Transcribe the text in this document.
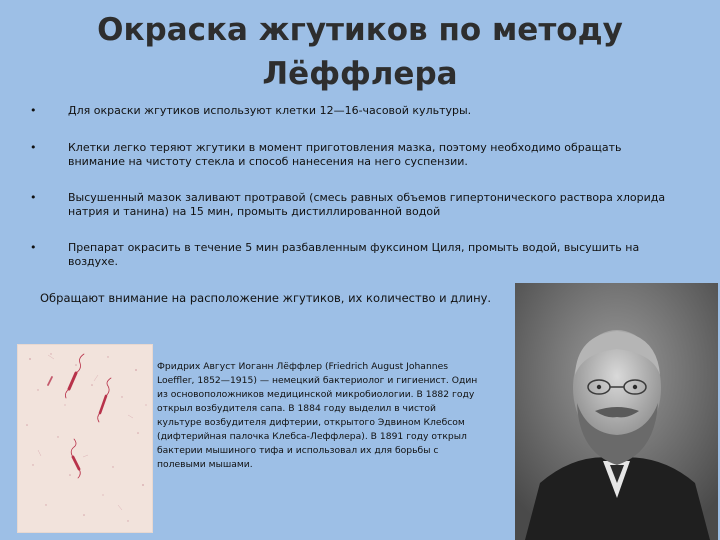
Окраска жгутиков по методу Лёффлера
•	Для окраски жгутиков используют клетки 12—16-часовой культуры.
•	Клетки легко теряют жгутики в момент приготовления мазка, поэтому необходимо обращать внимание на чистоту стекла и способ нанесения на него суспензии.
•	Высушенный мазок заливают протравой (смесь равных объемов гипертонического раствора хлорида натрия и танина) на 15 мин, промыть дистиллированной водой
•	Препарат окрасить в течение 5 мин разбавленным фуксином Циля, промыть водой, высушить на воздухе.

Обращают внимание на расположение жгутиков, их количество и длину.

Фридрих Август Иоганн Лёффлер (Friedrich August Johannes Loeffler, 1852—1915) — немецкий бактериолог и гигиенист. Один из основоположников медицинской микробиологии. В 1882 году открыл возбудителя сапа. В 1884 году выделил в чистой культуре возбудителя дифтерии, открытого Эдвином Клебсом (дифтерийная палочка Клебса-Леффлера). В 1891 году открыл бактерии мышиного тифа и использовал их для борьбы с полевыми мышами.
